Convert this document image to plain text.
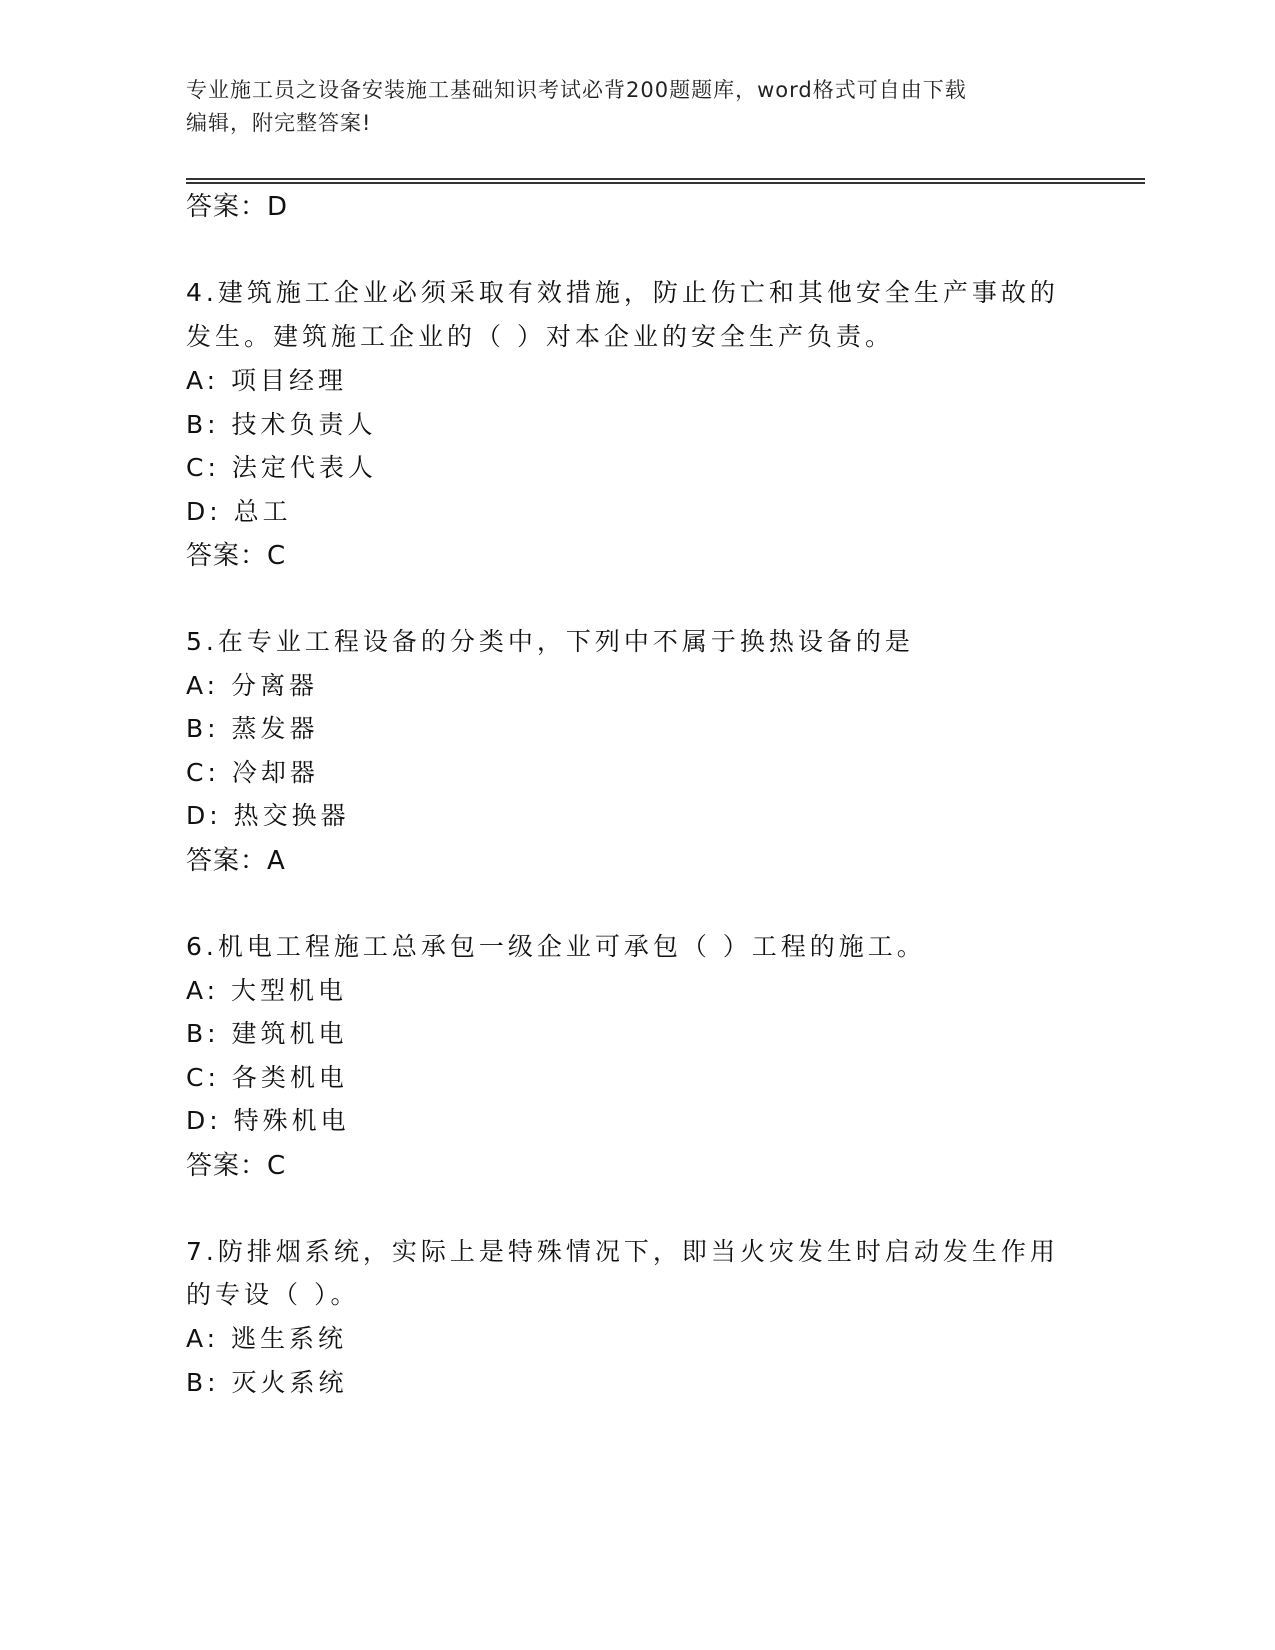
专业施工员之设备安装施工基础知识考试必背200题题库，word格式可自由下载
编辑，附完整答案!
答案：D
4.建筑施工企业必须采取有效措施，防止伤亡和其他安全生产事故的
发生。建筑施工企业的（ ）对本企业的安全生产负责。
A: 项目经理
B: 技术负责人
C: 法定代表人
D: 总工
答案：C
5.在专业工程设备的分类中，下列中不属于换热设备的是
A: 分离器
B: 蒸发器
C: 冷却器
D: 热交换器
答案：A
6.机电工程施工总承包一级企业可承包（ ）工程的施工。
A: 大型机电
B: 建筑机电
C: 各类机电
D: 特殊机电
答案：C
7.防排烟系统，实际上是特殊情况下，即当火灾发生时启动发生作用
的专设（ ）。
A: 逃生系统
B: 灭火系统
